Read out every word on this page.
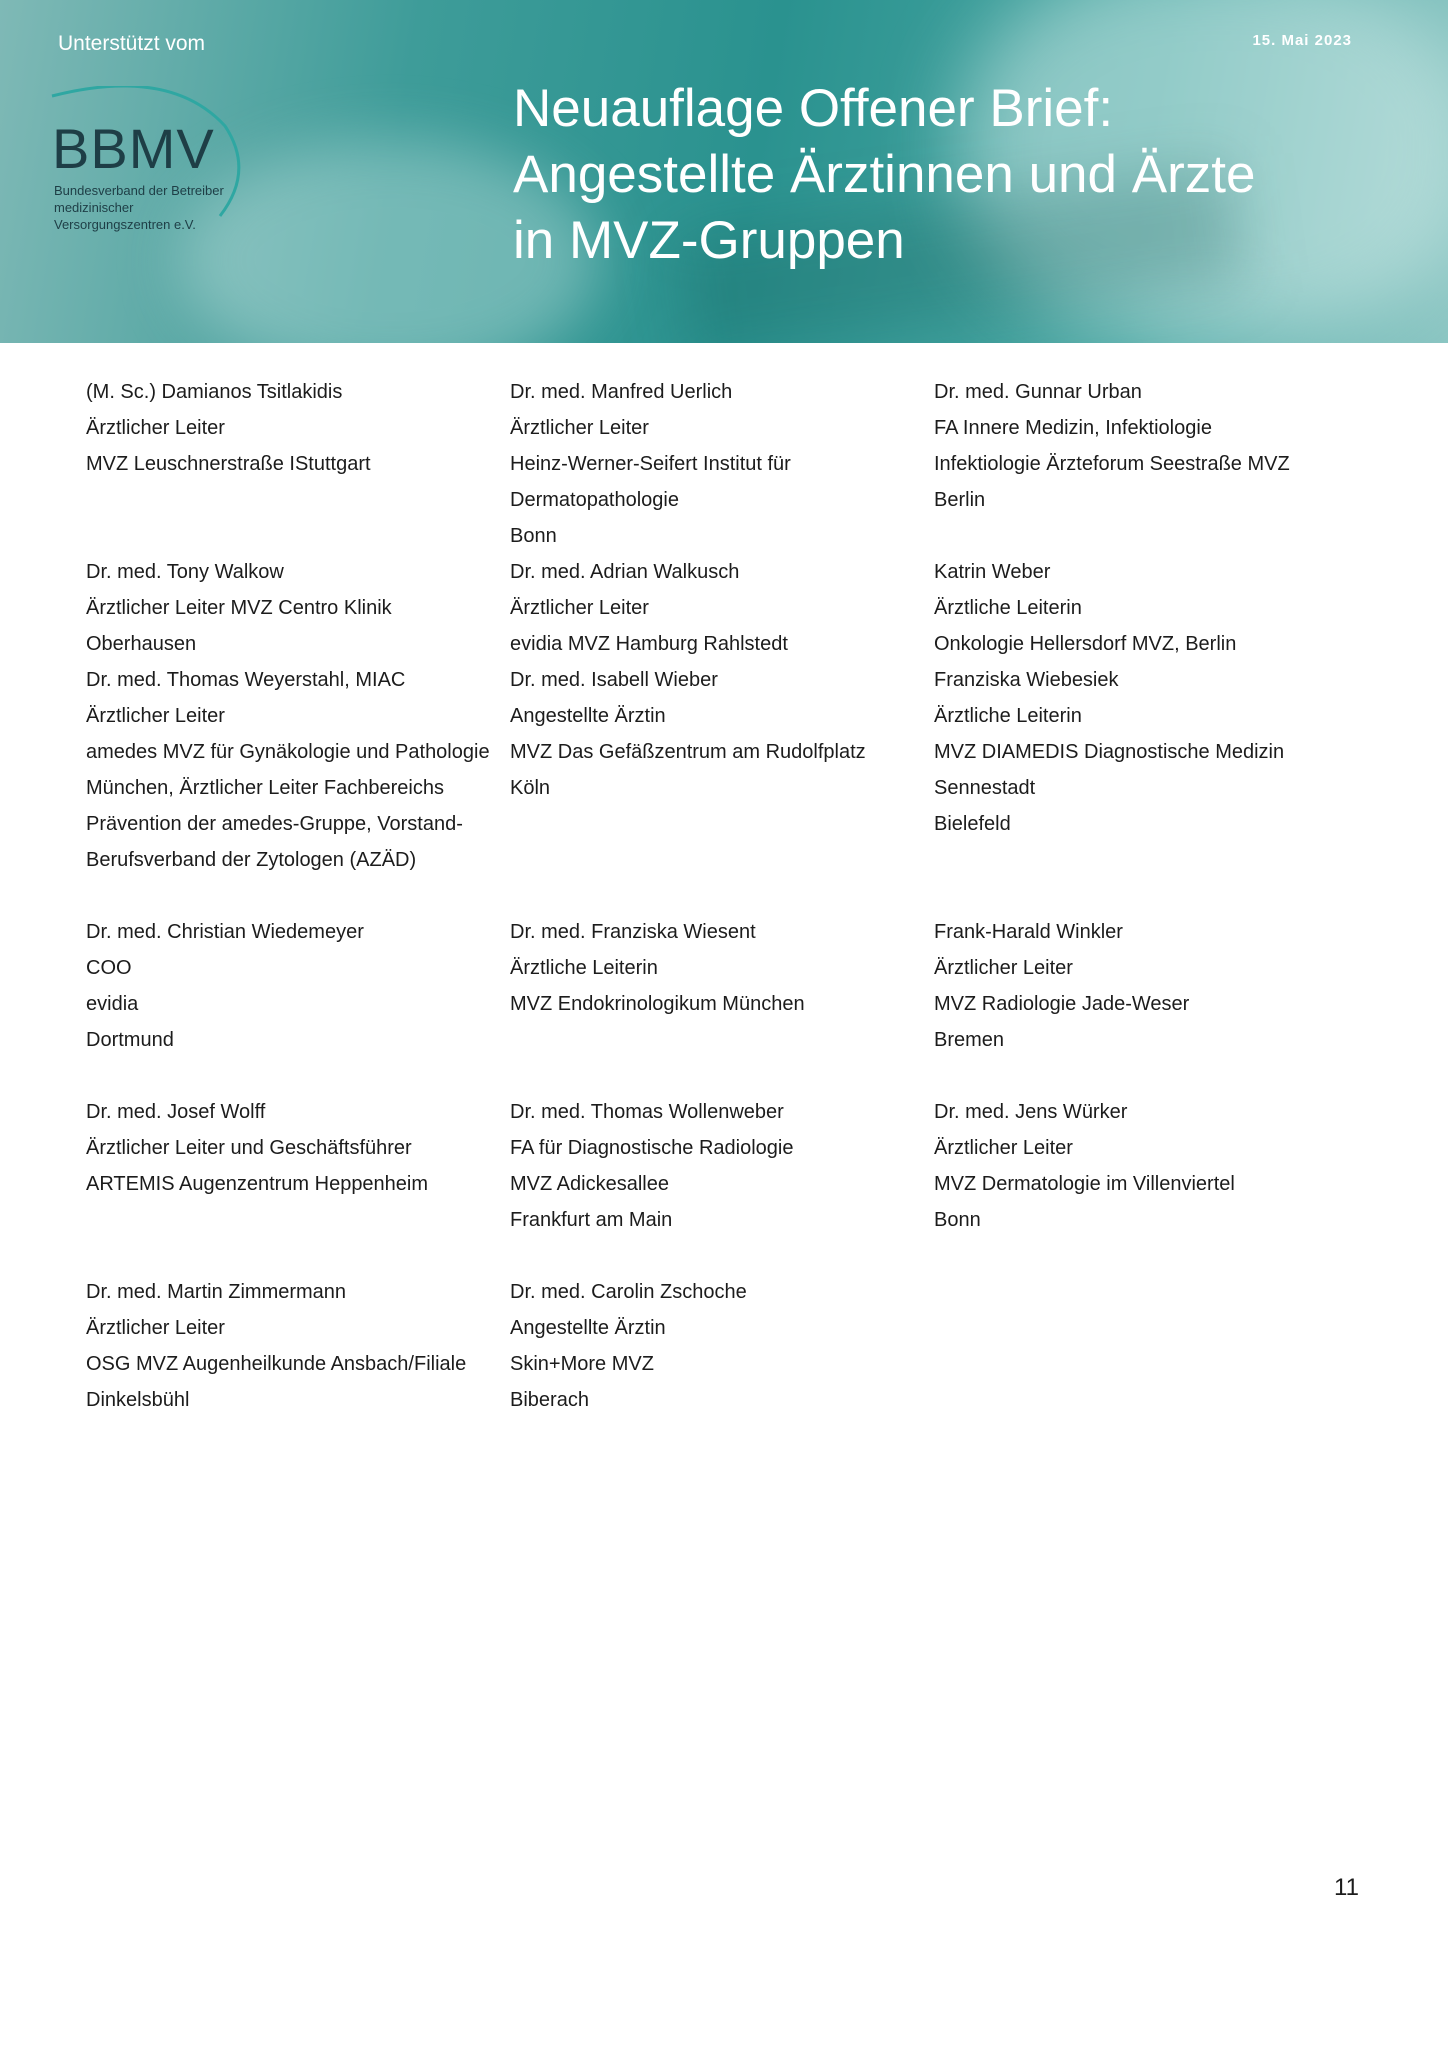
Unterstützt vom
BBMV
Bundesverband der Betreiber medizinischer Versorgungszentren e.V.
15. Mai 2023
Neuauflage Offener Brief: Angestellte Ärztinnen und Ärzte in MVZ-Gruppen
(M. Sc.) Damianos Tsitlakidis
Ärztlicher Leiter
MVZ Leuschnerstraße IStuttgart
Dr. med. Manfred Uerlich
Ärztlicher Leiter
Heinz-Werner-Seifert Institut für
Dermatopathologie
Bonn
Dr. med. Gunnar Urban
FA Innere Medizin, Infektiologie
Infektiologie Ärzteforum Seestraße MVZ
Berlin
Dr. med. Tony Walkow
Ärztlicher Leiter MVZ Centro Klinik
Oberhausen
Dr. med. Thomas Weyerstahl, MIAC
Ärztlicher Leiter
amedes MVZ für Gynäkologie und Pathologie
München, Ärztlicher Leiter Fachbereichs
Prävention der amedes-Gruppe, Vorstand-
Berufsverband der Zytologen (AZÄD)
Dr. med. Adrian Walkusch
Ärztlicher Leiter
evidia MVZ Hamburg Rahlstedt
Dr. med. Isabell Wieber
Angestellte Ärztin
MVZ Das Gefäßzentrum am Rudolfplatz
Köln
Katrin Weber
Ärztliche Leiterin
Onkologie Hellersdorf MVZ, Berlin
Franziska Wiebesiek
Ärztliche Leiterin
MVZ DIAMEDIS Diagnostische Medizin
Sennestadt
Bielefeld
Dr. med. Christian Wiedemeyer
COO
evidia
Dortmund
Dr. med. Franziska Wiesent
Ärztliche Leiterin
MVZ Endokrinologikum München
Frank-Harald Winkler
Ärztlicher Leiter
MVZ Radiologie Jade-Weser
Bremen
Dr. med. Josef Wolff
Ärztlicher Leiter und Geschäftsführer
ARTEMIS Augenzentrum Heppenheim
Dr. med. Thomas Wollenweber
FA für Diagnostische Radiologie
MVZ Adickesallee
Frankfurt am Main
Dr. med. Jens Würker
Ärztlicher Leiter
MVZ Dermatologie im Villenviertel
Bonn
Dr. med. Martin Zimmermann
Ärztlicher Leiter
OSG MVZ Augenheilkunde Ansbach/Filiale
Dinkelsbühl
Dr. med. Carolin Zschoche
Angestellte Ärztin
Skin+More MVZ
Biberach
11
